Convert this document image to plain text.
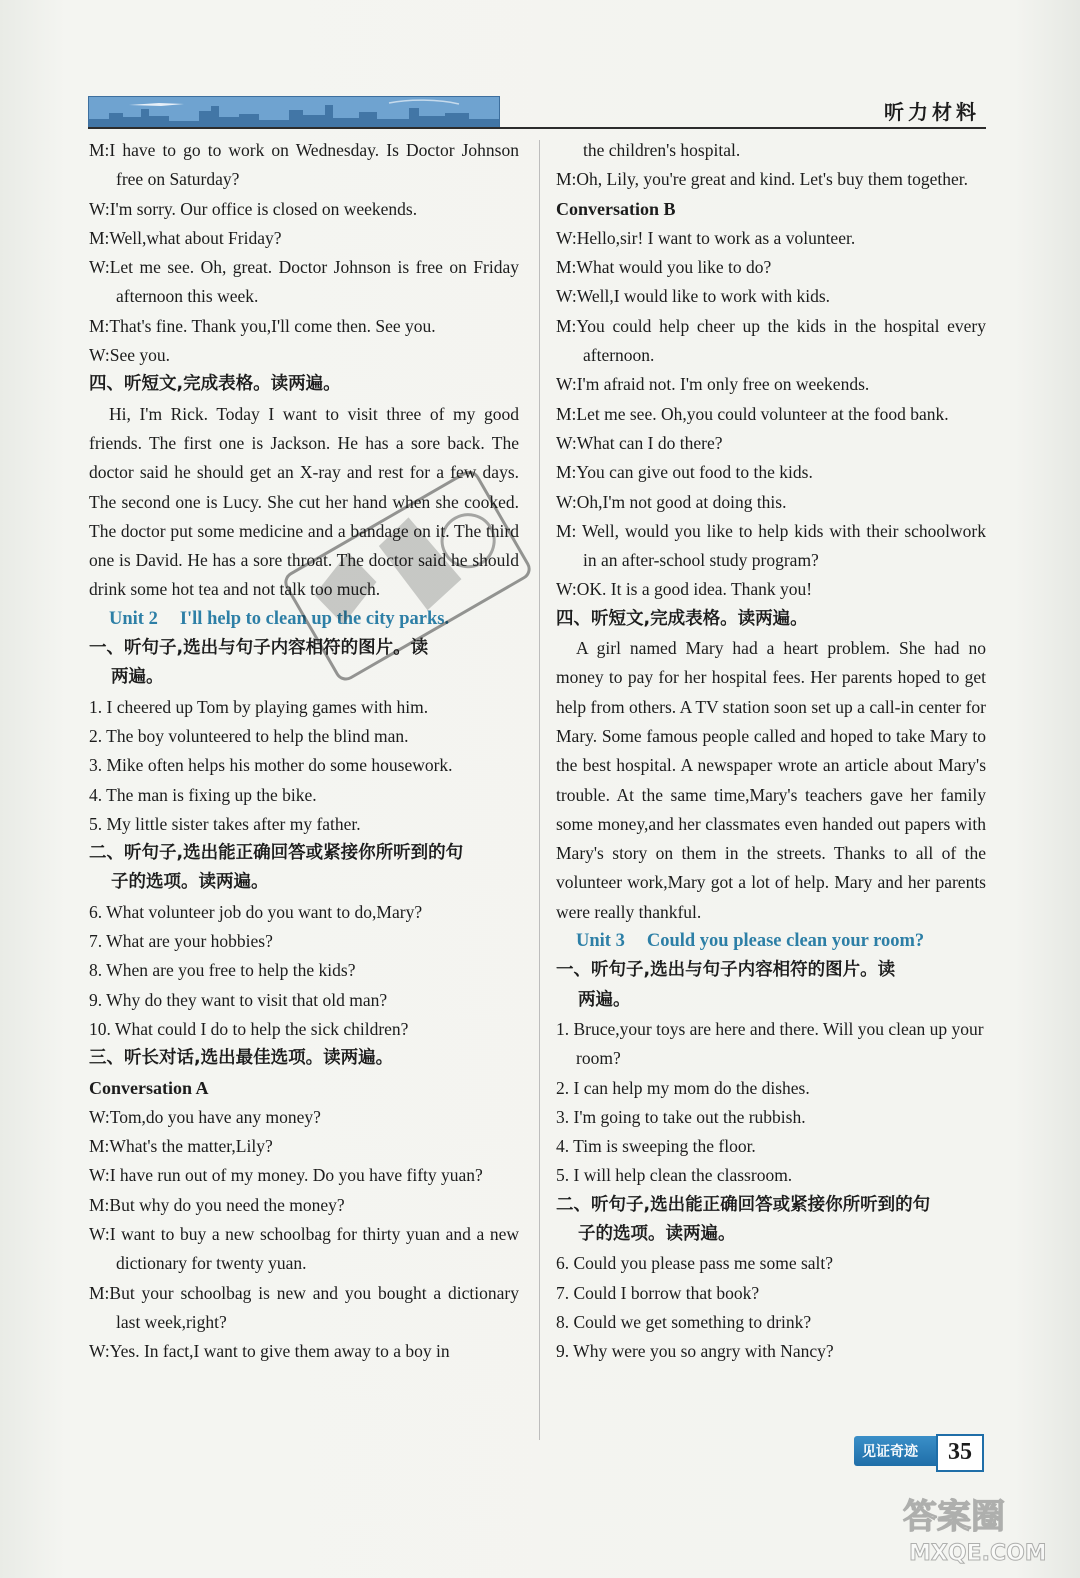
听力材料

M:I have to go to work on Wednesday. Is Doctor Johnson free on Saturday?

W:I'm sorry. Our office is closed on weekends.

M:Well,what about Friday?

W:Let me see. Oh, great. Doctor Johnson is free on Friday afternoon this week.

M:That's fine. Thank you,I'll come then. See you.

W:See you.

四、听短文,完成表格。读两遍。

Hi, I'm Rick. Today I want to visit three of my good friends. The first one is Jackson. He has a sore back. The doctor said he should get an X-ray and rest for a few days. The second one is Lucy. She cut her hand when she cooked. The doctor put some medicine and a bandage on it. The third one is David. He has a sore throat. The doctor said he should drink some hot tea and not talk too much.

Unit 2 I'll help to clean up the city parks.

一、听句子,选出与句子内容相符的图片。读
两遍。

1. I cheered up Tom by playing games with him.

2. The boy volunteered to help the blind man.

3. Mike often helps his mother do some housework.

4. The man is fixing up the bike.

5. My little sister takes after my father.

二、听句子,选出能正确回答或紧接你所听到的句
子的选项。读两遍。

6. What volunteer job do you want to do,Mary?

7. What are your hobbies?

8. When are you free to help the kids?

9. Why do they want to visit that old man?

10. What could I do to help the sick children?

三、听长对话,选出最佳选项。读两遍。

Conversation A

W:Tom,do you have any money?

M:What's the matter,Lily?

W:I have run out of my money. Do you have fifty yuan?

M:But why do you need the money?

W:I want to buy a new schoolbag for thirty yuan and a new dictionary for twenty yuan.

M:But your schoolbag is new and you bought a dictionary last week,right?

W:Yes. In fact,I want to give them away to a boy in

the children's hospital.

M:Oh, Lily, you're great and kind. Let's buy them together.

Conversation B

W:Hello,sir! I want to work as a volunteer.

M:What would you like to do?

W:Well,I would like to work with kids.

M:You could help cheer up the kids in the hospital every afternoon.

W:I'm afraid not. I'm only free on weekends.

M:Let me see. Oh,you could volunteer at the food bank.

W:What can I do there?

M:You can give out food to the kids.

W:Oh,I'm not good at doing this.

M: Well, would you like to help kids with their schoolwork in an after-school study program?

W:OK. It is a good idea. Thank you!

四、听短文,完成表格。读两遍。

A girl named Mary had a heart problem. She had no money to pay for her hospital fees. Her parents hoped to get help from others. A TV station soon set up a call-in center for Mary. Some famous people called and hoped to take Mary to the best hospital. A newspaper wrote an article about Mary's trouble. At the same time,Mary's teachers gave her family some money,and her classmates even handed out papers with Mary's story on them in the streets. Thanks to all of the volunteer work,Mary got a lot of help. Mary and her parents were really thankful.

Unit 3 Could you please clean your room?

一、听句子,选出与句子内容相符的图片。读
两遍。

1. Bruce,your toys are here and there. Will you clean up your room?

2. I can help my mom do the dishes.

3. I'm going to take out the rubbish.

4. Tim is sweeping the floor.

5. I will help clean the classroom.

二、听句子,选出能正确回答或紧接你所听到的句
子的选项。读两遍。

6. Could you please pass me some salt?

7. Could I borrow that book?

8. Could we get something to drink?

9. Why were you so angry with Nancy?

见证奇迹	35
答案圈
MXQE.COM
